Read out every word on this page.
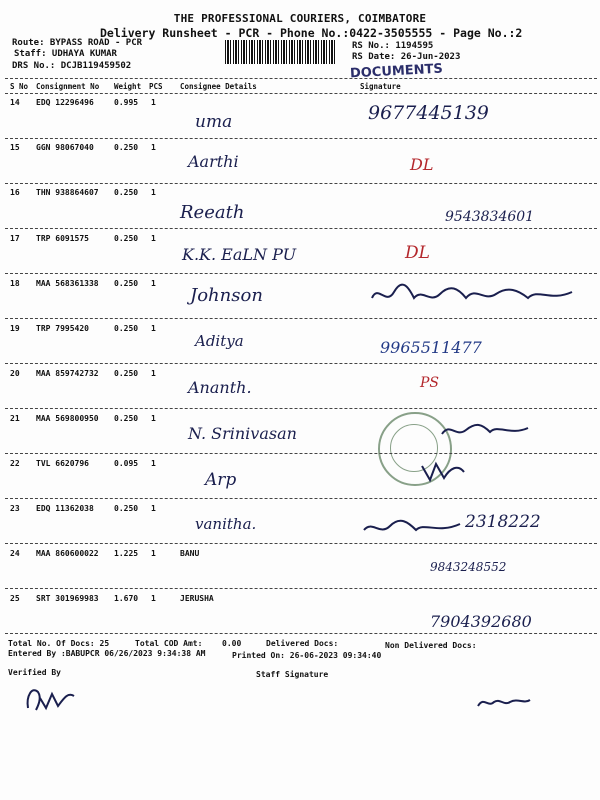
THE PROFESSIONAL COURIERS, COIMBATORE
Delivery Runsheet - PCR - Phone No.:0422-3505555 - Page No.:2
Route: BYPASS ROAD - PCR
Staff: UDHAYA KUMAR
DRS No.: DCJB119459502
RS No.: 1194595
RS Date: 26-Jun-2023
DOCUMENTS
S No Consignment No Weight PCS Consignee Details	Signature
14 EDQ 12296496	0.995 1
uma	9677445139
15 GGN 98067040	0.250 1
Aarthi	DL
16 THN 938864607 0.250 1
Reeath	9543834601
17 TRP 6091575	0.250 1
K.K. EaLN PU	DL
18 MAA 568361338 0.250 1
Johnson
19 TRP 7995420	0.250 1
Aditya	9965511477
20 MAA 859742732 0.250 1
Ananth.	PS
21 MAA 569800950 0.250 1
N. Srinivasan
22 TVL 6620796	0.095 1
Arp
23 EDQ 11362038	0.250 1
vanitha.	2318222
24 MAA 860600022 1.225 1	BANU
9843248552
25 SRT 301969983 1.670 1	JERUSHA
7904392680
Total No. Of Docs: 25	Total COD Amt: 0.00	Delivered Docs:	Non Delivered Docs:
Entered By :BABUPCR 06/26/2023 9:34:38 AM	Printed On: 26-06-2023 09:34:40
Verified By	Staff Signature
